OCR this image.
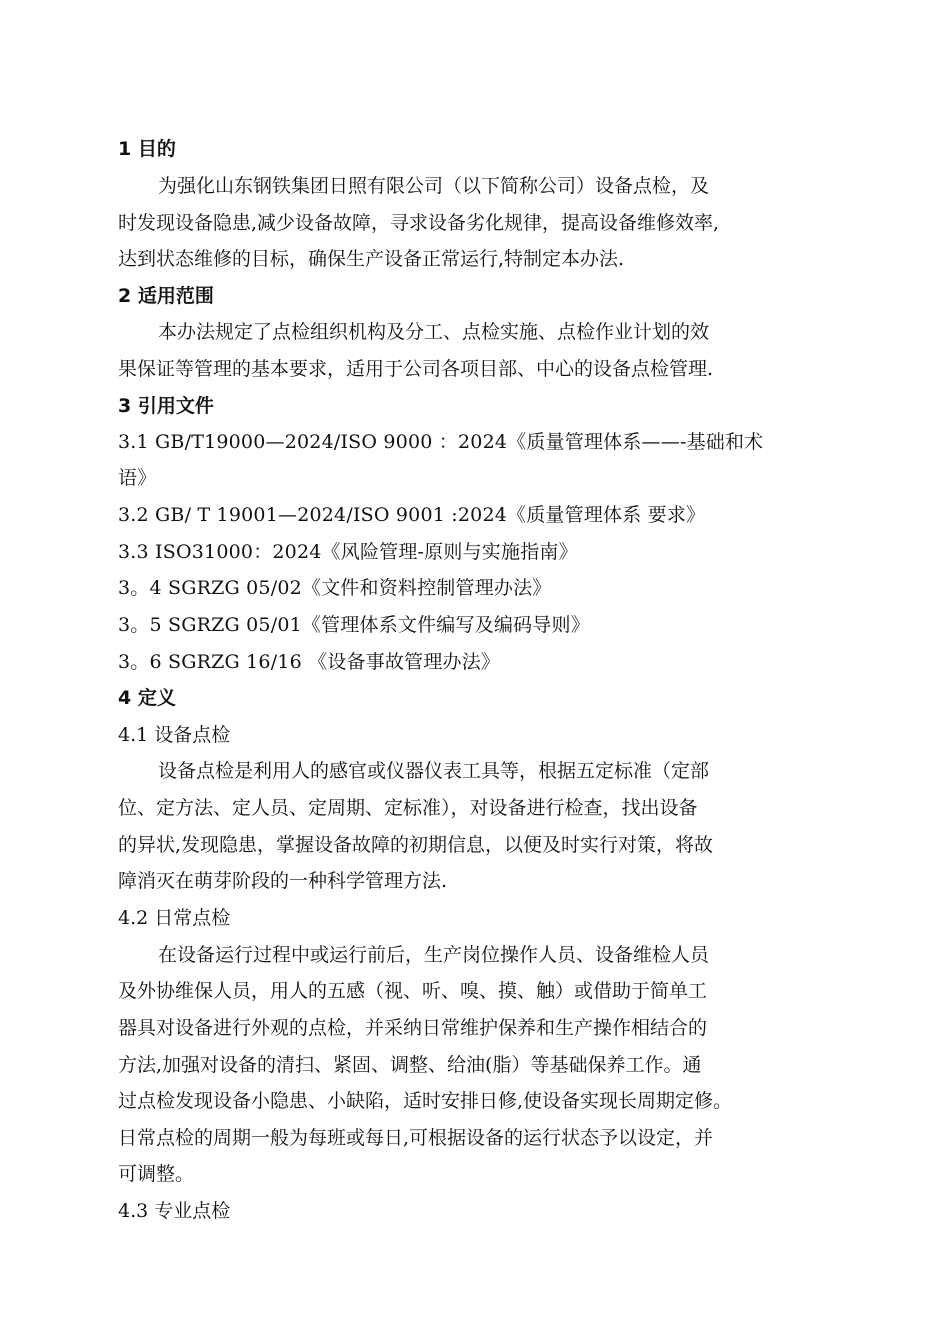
1 目的
为强化山东钢铁集团日照有限公司（以下简称公司）设备点检，及
时发现设备隐患,减少设备故障，寻求设备劣化规律，提高设备维修效率,
达到状态维修的目标，确保生产设备正常运行,特制定本办法.
2 适用范围
本办法规定了点检组织机构及分工、点检实施、点检作业计划的效
果保证等管理的基本要求，适用于公司各项目部、中心的设备点检管理.
3 引用文件
3.1 GB/T19000—2024/ISO 9000 ：2024《质量管理体系——-基础和术
语》
3.2 GB/ T 19001—2024/ISO 9001 :2024《质量管理体系 要求》
3.3 ISO31000：2024《风险管理-原则与实施指南》
3。4 SGRZG 05/02《文件和资料控制管理办法》
3。5 SGRZG 05/01《管理体系文件编写及编码导则》
3。6 SGRZG 16/16 《设备事故管理办法》
4 定义
4.1 设备点检
设备点检是利用人的感官或仪器仪表工具等，根据五定标准（定部
位、定方法、定人员、定周期、定标准），对设备进行检查，找出设备
的异状,发现隐患，掌握设备故障的初期信息，以便及时实行对策，将故
障消灭在萌芽阶段的一种科学管理方法.
4.2 日常点检
在设备运行过程中或运行前后，生产岗位操作人员、设备维检人员
及外协维保人员，用人的五感（视、听、嗅、摸、触）或借助于简单工
器具对设备进行外观的点检，并采纳日常维护保养和生产操作相结合的
方法,加强对设备的清扫、紧固、调整、给油(脂）等基础保养工作。通
过点检发现设备小隐患、小缺陷，适时安排日修,使设备实现长周期定修。
日常点检的周期一般为每班或每日,可根据设备的运行状态予以设定，并
可调整。
4.3 专业点检
